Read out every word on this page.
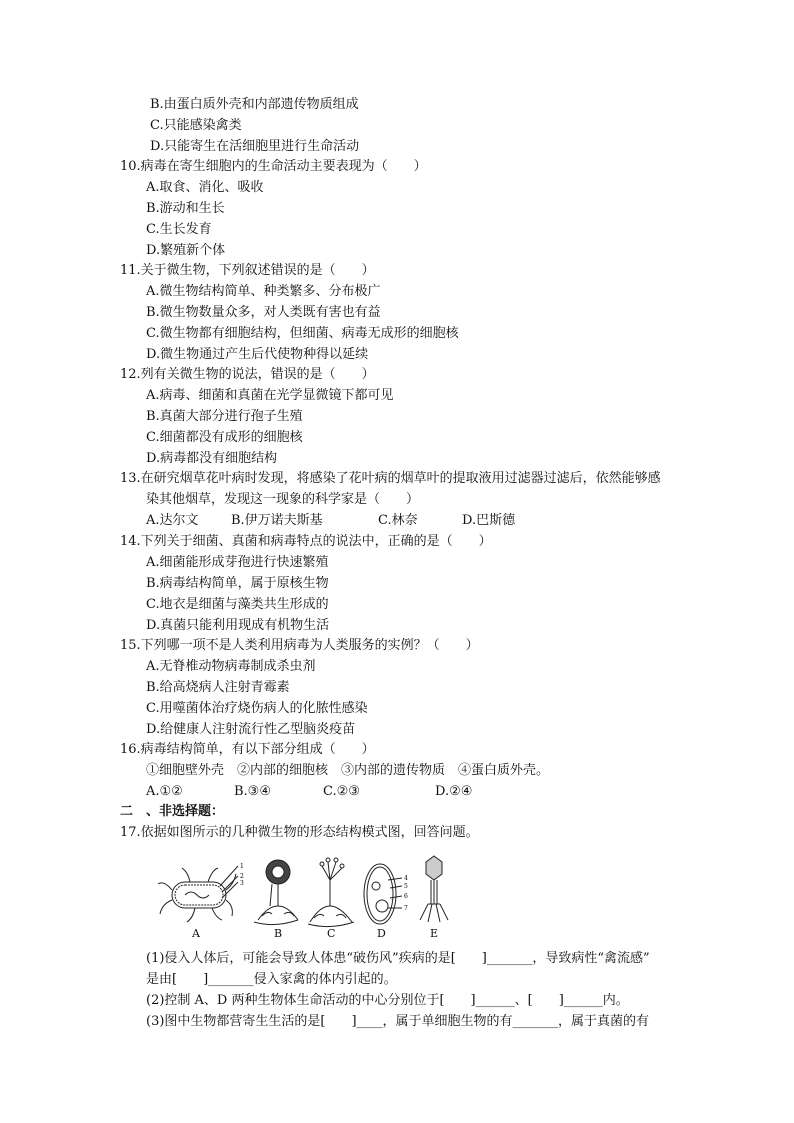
B.由蛋白质外壳和内部遗传物质组成
C.只能感染禽类
D.只能寄生在活细胞里进行生命活动
10.病毒在寄生细胞内的生命活动主要表现为（　　）
A.取食、消化、吸收
B.游动和生长
C.生长发育
D.繁殖新个体
11.关于微生物，下列叙述错误的是（　　）
A.微生物结构简单、种类繁多、分布极广
B.微生物数量众多，对人类既有害也有益
C.微生物都有细胞结构，但细菌、病毒无成形的细胞核
D.微生物通过产生后代使物种得以延续
12.列有关微生物的说法，错误的是（　　）
A.病毒、细菌和真菌在光学显微镜下都可见
B.真菌大部分进行孢子生殖
C.细菌都没有成形的细胞核
D.病毒都没有细胞结构
13.在研究烟草花叶病时发现，将感染了花叶病的烟草叶的提取液用过滤器过滤后，依然能够感
染其他烟草，发现这一现象的科学家是（　　）
A.达尔文 B.伊万诺夫斯基	C.林奈	D.巴斯德
14.下列关于细菌、真菌和病毒特点的说法中，正确的是（　　）
A.细菌能形成芽孢进行快速繁殖
B.病毒结构简单，属于原核生物
C.地衣是细菌与藻类共生形成的
D.真菌只能利用现成有机物生活
15.下列哪一项不是人类利用病毒为人类服务的实例？（　　）
A.无脊椎动物病毒制成杀虫剂
B.给高烧病人注射青霉素
C.用噬菌体治疗烧伤病人的化脓性感染
D.给健康人注射流行性乙型脑炎疫苗
16.病毒结构简单，有以下部分组成（　　）
①细胞壁外壳　②内部的细胞核　③内部的遗传物质　④蛋白质外壳。
A.①②	B.③④	C.②③	D.②④
二　、非选择题：
17.依据如图所示的几种微生物的形态结构模式图，回答问题。
1
2
3
4
5
6
7
A	B	C	D	E
(1)侵入人体后，可能会导致人体患“破伤风”疾病的是[　　]_______，导致病性“禽流感”
是由[　　]_______侵入家禽的体内引起的。
(2)控制 A、D 两种生物体生命活动的中心分别位于[　　]______、[　　]______内。
(3)图中生物都营寄生生活的是[　　]____，属于单细胞生物的有_______，属于真菌的有
